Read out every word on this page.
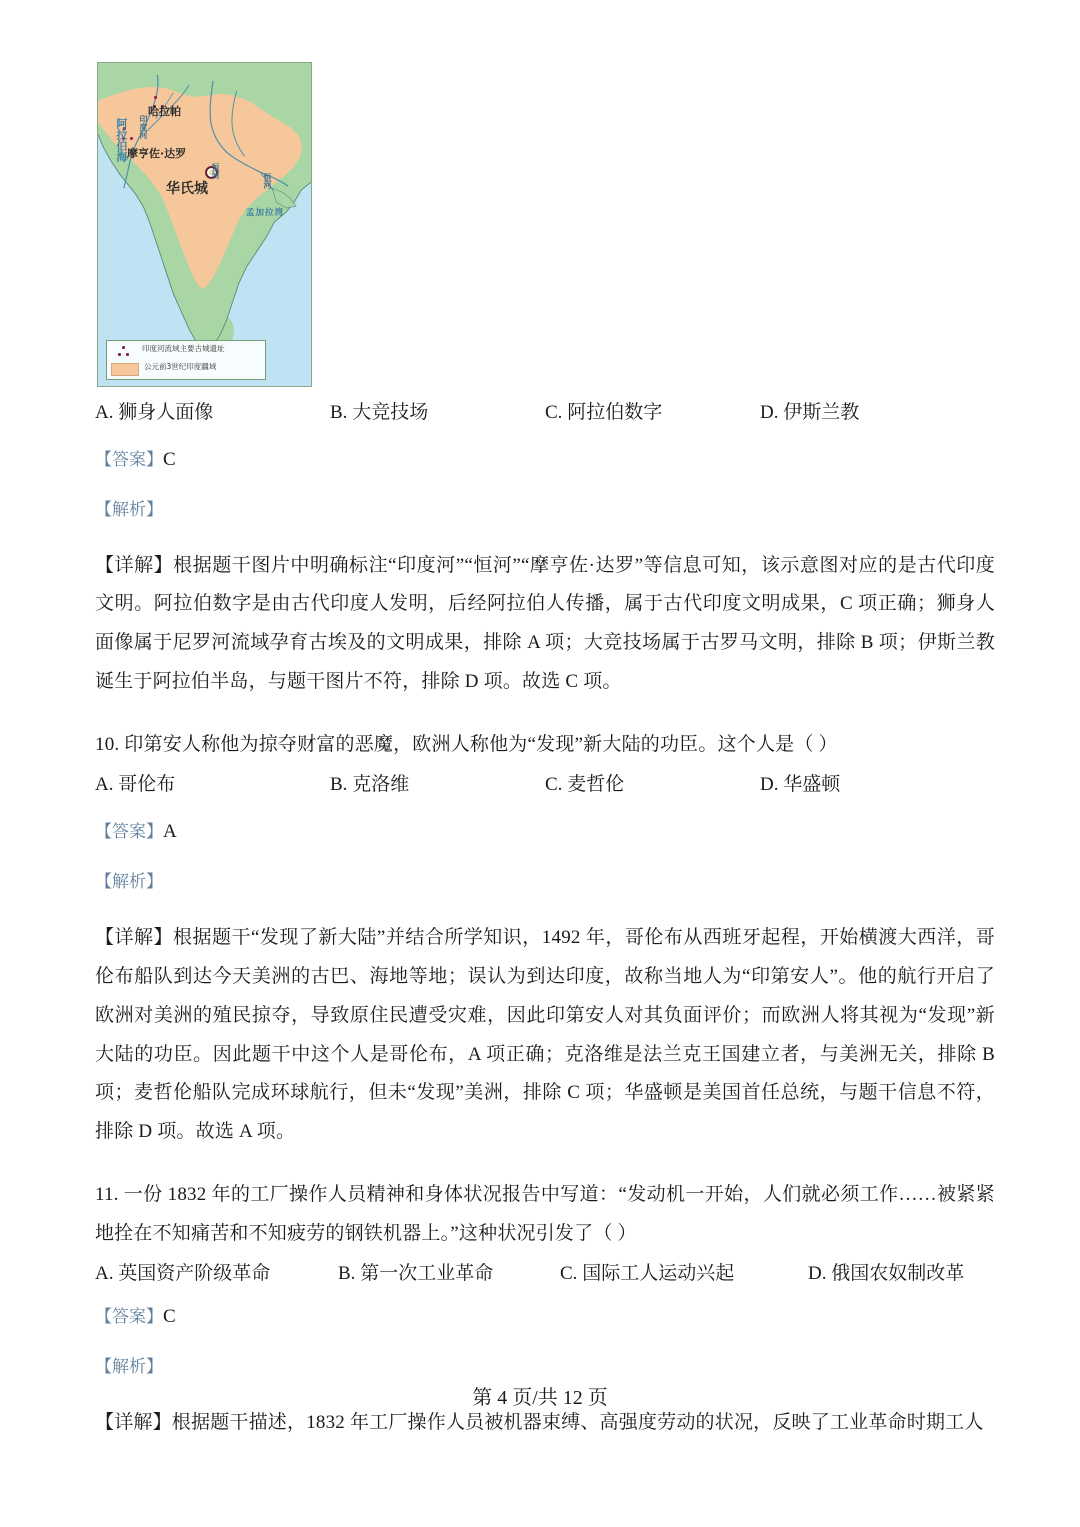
哈拉帕
摩亨佐·达罗
华氏城
印度河
恒河
恒河
阿拉伯海
孟加拉湾
印度河流域主要古城遗址
公元前3世纪印度疆域
A. 狮身人面像	B. 大竞技场	C. 阿拉伯数字	D. 伊斯兰教
【答案】C
【解析】
【详解】根据题干图片中明确标注“印度河”“恒河”“摩亨佐·达罗”等信息可知，该示意图对应的是古代印度文明。阿拉伯数字是由古代印度人发明，后经阿拉伯人传播，属于古代印度文明成果，C 项正确；狮身人面像属于尼罗河流域孕育古埃及的文明成果，排除 A 项；大竞技场属于古罗马文明，排除 B 项；伊斯兰教诞生于阿拉伯半岛，与题干图片不符，排除 D 项。故选 C 项。
10. 印第安人称他为掠夺财富的恶魔，欧洲人称他为“发现”新大陆的功臣。这个人是（ ）
A. 哥伦布	B. 克洛维	C. 麦哲伦	D. 华盛顿
【答案】A
【解析】
【详解】根据题干“发现了新大陆”并结合所学知识，1492 年，哥伦布从西班牙起程，开始横渡大西洋，哥伦布船队到达今天美洲的古巴、海地等地；误认为到达印度，故称当地人为“印第安人”。他的航行开启了欧洲对美洲的殖民掠夺，导致原住民遭受灾难，因此印第安人对其负面评价；而欧洲人将其视为“发现”新大陆的功臣。因此题干中这个人是哥伦布，A 项正确；克洛维是法兰克王国建立者，与美洲无关，排除 B 项；麦哲伦船队完成环球航行，但未“发现”美洲，排除 C 项；华盛顿是美国首任总统，与题干信息不符，排除 D 项。故选 A 项。
11. 一份 1832 年的工厂操作人员精神和身体状况报告中写道：“发动机一开始，人们就必须工作……被紧紧地拴在不知痛苦和不知疲劳的钢铁机器上。”这种状况引发了（ ）
A. 英国资产阶级革命	B. 第一次工业革命	C. 国际工人运动兴起	D. 俄国农奴制改革
【答案】C
【解析】
【详解】根据题干描述，1832 年工厂操作人员被机器束缚、高强度劳动的状况，反映了工业革命时期工人
第 4 页/共 12 页
